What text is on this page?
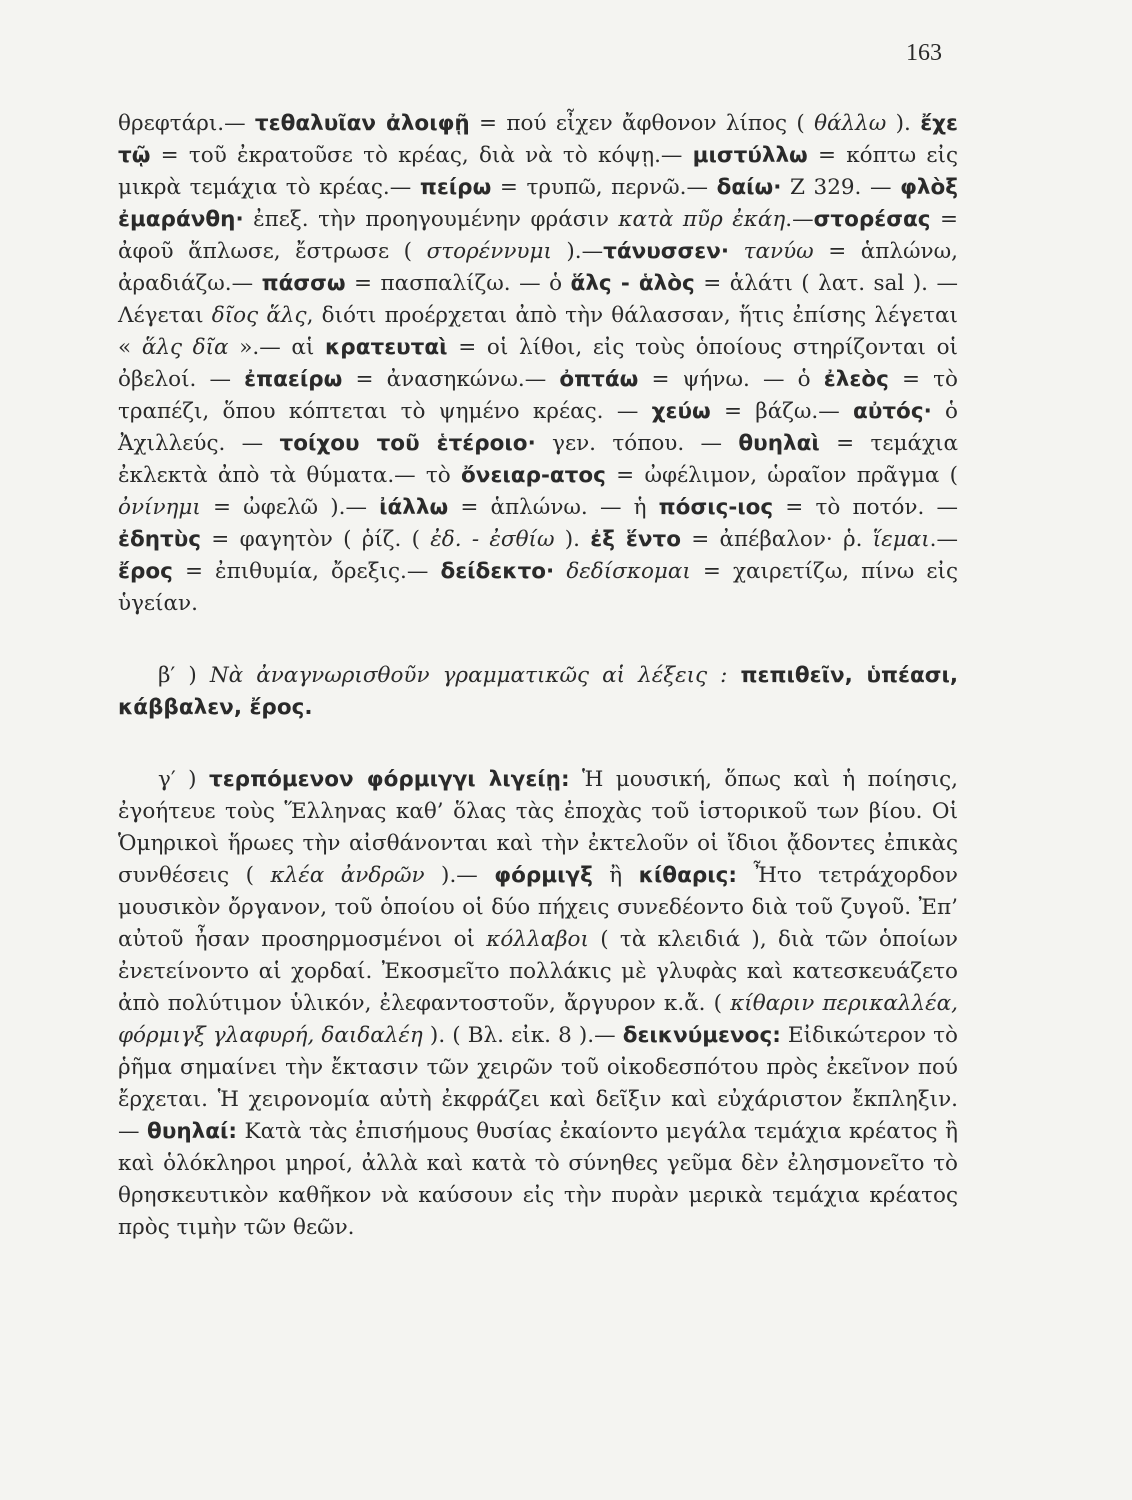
163

θρεφτάρι.— τεθαλυῖαν ἀλοιφῇ = πού εἶχεν ἄφθονον λίπος ( θάλλω ). ἔχε τῷ = τοῦ ἐκρατοῦσε τὸ κρέας, διὰ νὰ τὸ κόψῃ.— μιστύλλω = κόπτω εἰς μικρὰ τεμάχια τὸ κρέας.— πείρω = τρυπῶ, περνῶ.— δαίω· Ζ 329. — φλὸξ ἐμαράνθη· ἐπεξ. τὴν προηγουμένην φράσιν κατὰ πῦρ ἐκάη.—στορέσας = ἀφοῦ ἅπλωσε, ἔστρωσε ( στορέννυμι ).—τάνυσσεν· τανύω = ἁπλώνω, ἀραδιάζω.— πάσσω = πασπαλίζω. — ὁ ἅλς - ἁλὸς = ἁλάτι ( λατ. sal ). — Λέγεται δῖος ἅλς, διότι προέρχεται ἀπὸ τὴν θάλασσαν, ἥτις ἐπίσης λέγεται « ἅλς δῖα ».— αἱ κρατευταὶ = οἱ λίθοι, εἰς τοὺς ὁποίους στηρίζονται οἱ ὀβελοί. — ἐπαείρω = ἀνασηκώνω.— ὀπτάω = ψήνω. — ὁ ἐλεὸς = τὸ τραπέζι, ὅπου κόπτεται τὸ ψημένο κρέας. — χεύω = βάζω.— αὐτός· ὁ Ἀχιλλεύς. — τοίχου τοῦ ἑτέροιο· γεν. τόπου. — θυηλαὶ = τεμάχια ἐκλεκτὰ ἀπὸ τὰ θύματα.— τὸ ὄνειαρ-ατος = ὠφέλιμον, ὡραῖον πρᾶγμα ( ὀνίνημι = ὠφελῶ ).— ἰάλλω = ἁπλώνω. — ἡ πόσις-ιος = τὸ ποτόν. — ἐδητὺς = φαγητὸν ( ῥίζ. ( ἐδ. - ἐσθίω ). ἐξ ἕντο = ἀπέβαλον· ῥ. ἵεμαι.— ἔρος = ἐπιθυμία, ὄρεξις.— δείδεκτο· δεδίσκομαι = χαιρετίζω, πίνω εἰς ὑγείαν.

β′ ) Νὰ ἀναγνωρισθοῦν γραμματικῶς αἱ λέξεις : πεπιθεῖν, ὑπέασι, κάββαλεν, ἔρος.

γ′ ) τερπόμενον φόρμιγγι λιγείῃ: Ἡ μουσική, ὅπως καὶ ἡ ποίησις, ἐγοήτευε τοὺς Ἕλληνας καθ’ ὅλας τὰς ἐποχὰς τοῦ ἱστορικοῦ των βίου. Οἱ Ὁμηρικοὶ ἥρωες τὴν αἰσθάνονται καὶ τὴν ἐκτελοῦν οἱ ἴδιοι ᾄδοντες ἐπικὰς συνθέσεις ( κλέα ἀνδρῶν ).— φόρμιγξ ἢ κίθαρις: Ἦτο τετράχορδον μουσικὸν ὄργανον, τοῦ ὁποίου οἱ δύο πήχεις συνεδέοντο διὰ τοῦ ζυγοῦ. Ἐπ’ αὐτοῦ ἦσαν προσηρμοσμένοι οἱ κόλλαβοι ( τὰ κλειδιά ), διὰ τῶν ὁποίων ἐνετείνοντο αἱ χορδαί. Ἐκοσμεῖτο πολλάκις μὲ γλυφὰς καὶ κατεσκευάζετο ἀπὸ πολύτιμον ὑλικόν, ἐλεφαντοστοῦν, ἄργυρον κ.ἄ. ( κίθαριν περικαλλέα, φόρμιγξ γλαφυρή, δαιδαλέη ). ( Βλ. εἰκ. 8 ).— δεικνύμενος: Εἰδικώτερον τὸ ῥῆμα σημαίνει τὴν ἔκτασιν τῶν χειρῶν τοῦ οἰκοδεσπότου πρὸς ἐκεῖνον πού ἔρχεται. Ἡ χειρονομία αὐτὴ ἐκφράζει καὶ δεῖξιν καὶ εὐχάριστον ἔκπληξιν. — θυηλαί: Κατὰ τὰς ἐπισήμους θυσίας ἐκαίοντο μεγάλα τεμάχια κρέατος ἢ καὶ ὁλόκληροι μηροί, ἀλλὰ καὶ κατὰ τὸ σύνηθες γεῦμα δὲν ἐλησμονεῖτο τὸ θρησκευτικὸν καθῆκον νὰ καύσουν εἰς τὴν πυρὰν μερικὰ τεμάχια κρέατος πρὸς τιμὴν τῶν θεῶν.
